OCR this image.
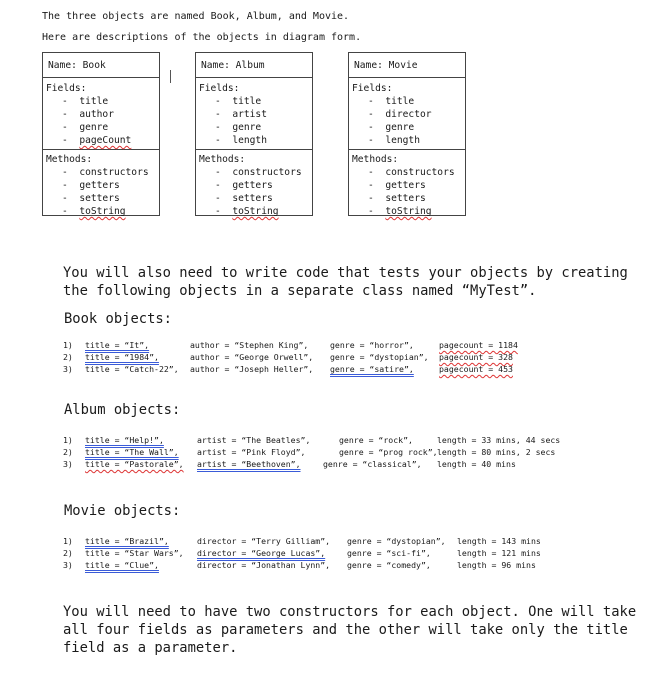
The three objects are named Book, Album, and Movie.
Here are descriptions of the objects in diagram form.
Name: Book
Fields:
- title
- author
- genre
- pageCount
Methods:
- constructors
- getters
- setters
- toString
Name: Album
Fields:
- title
- artist
- genre
- length
Methods:
- constructors
- getters
- setters
- toString
Name: Movie
Fields:
- title
- director
- genre
- length
Methods:
- constructors
- getters
- setters
- toString
You will also need to write code that tests your objects by creating
the following objects in a separate class named “MyTest”.
Book objects:
1) title = “It”,	author = “Stephen King”,	genre = “horror”,	pagecount = 1184
2) title = “1984”,	author = “George Orwell”, genre = “dystopian”, pagecount = 328
3) title = “Catch-22”, author = “Joseph Heller”, genre = “satire”,	pagecount = 453
Album objects:
1) title = “Help!”,	artist = “The Beatles”,	genre = “rock”,	length = 33 mins, 44 secs
2) title = “The Wall”, artist = “Pink Floyd”,	genre = “prog rock”, length = 80 mins, 2 secs
3) title = “Pastorale”, artist = “Beethoven”,	genre = “classical”, length = 40 mins
Movie objects:
1) title = “Brazil”,	director = “Terry Gilliam”, genre = “dystopian”, length = 143 mins
2) title = “Star Wars”, director = “George Lucas”,	genre = “sci-fi”,	length = 121 mins
3) title = “Clue”,	director = “Jonathan Lynn”, genre = “comedy”,	length = 96 mins
You will need to have two constructors for each object. One will take
all four fields as parameters and the other will take only the title
field as a parameter.
